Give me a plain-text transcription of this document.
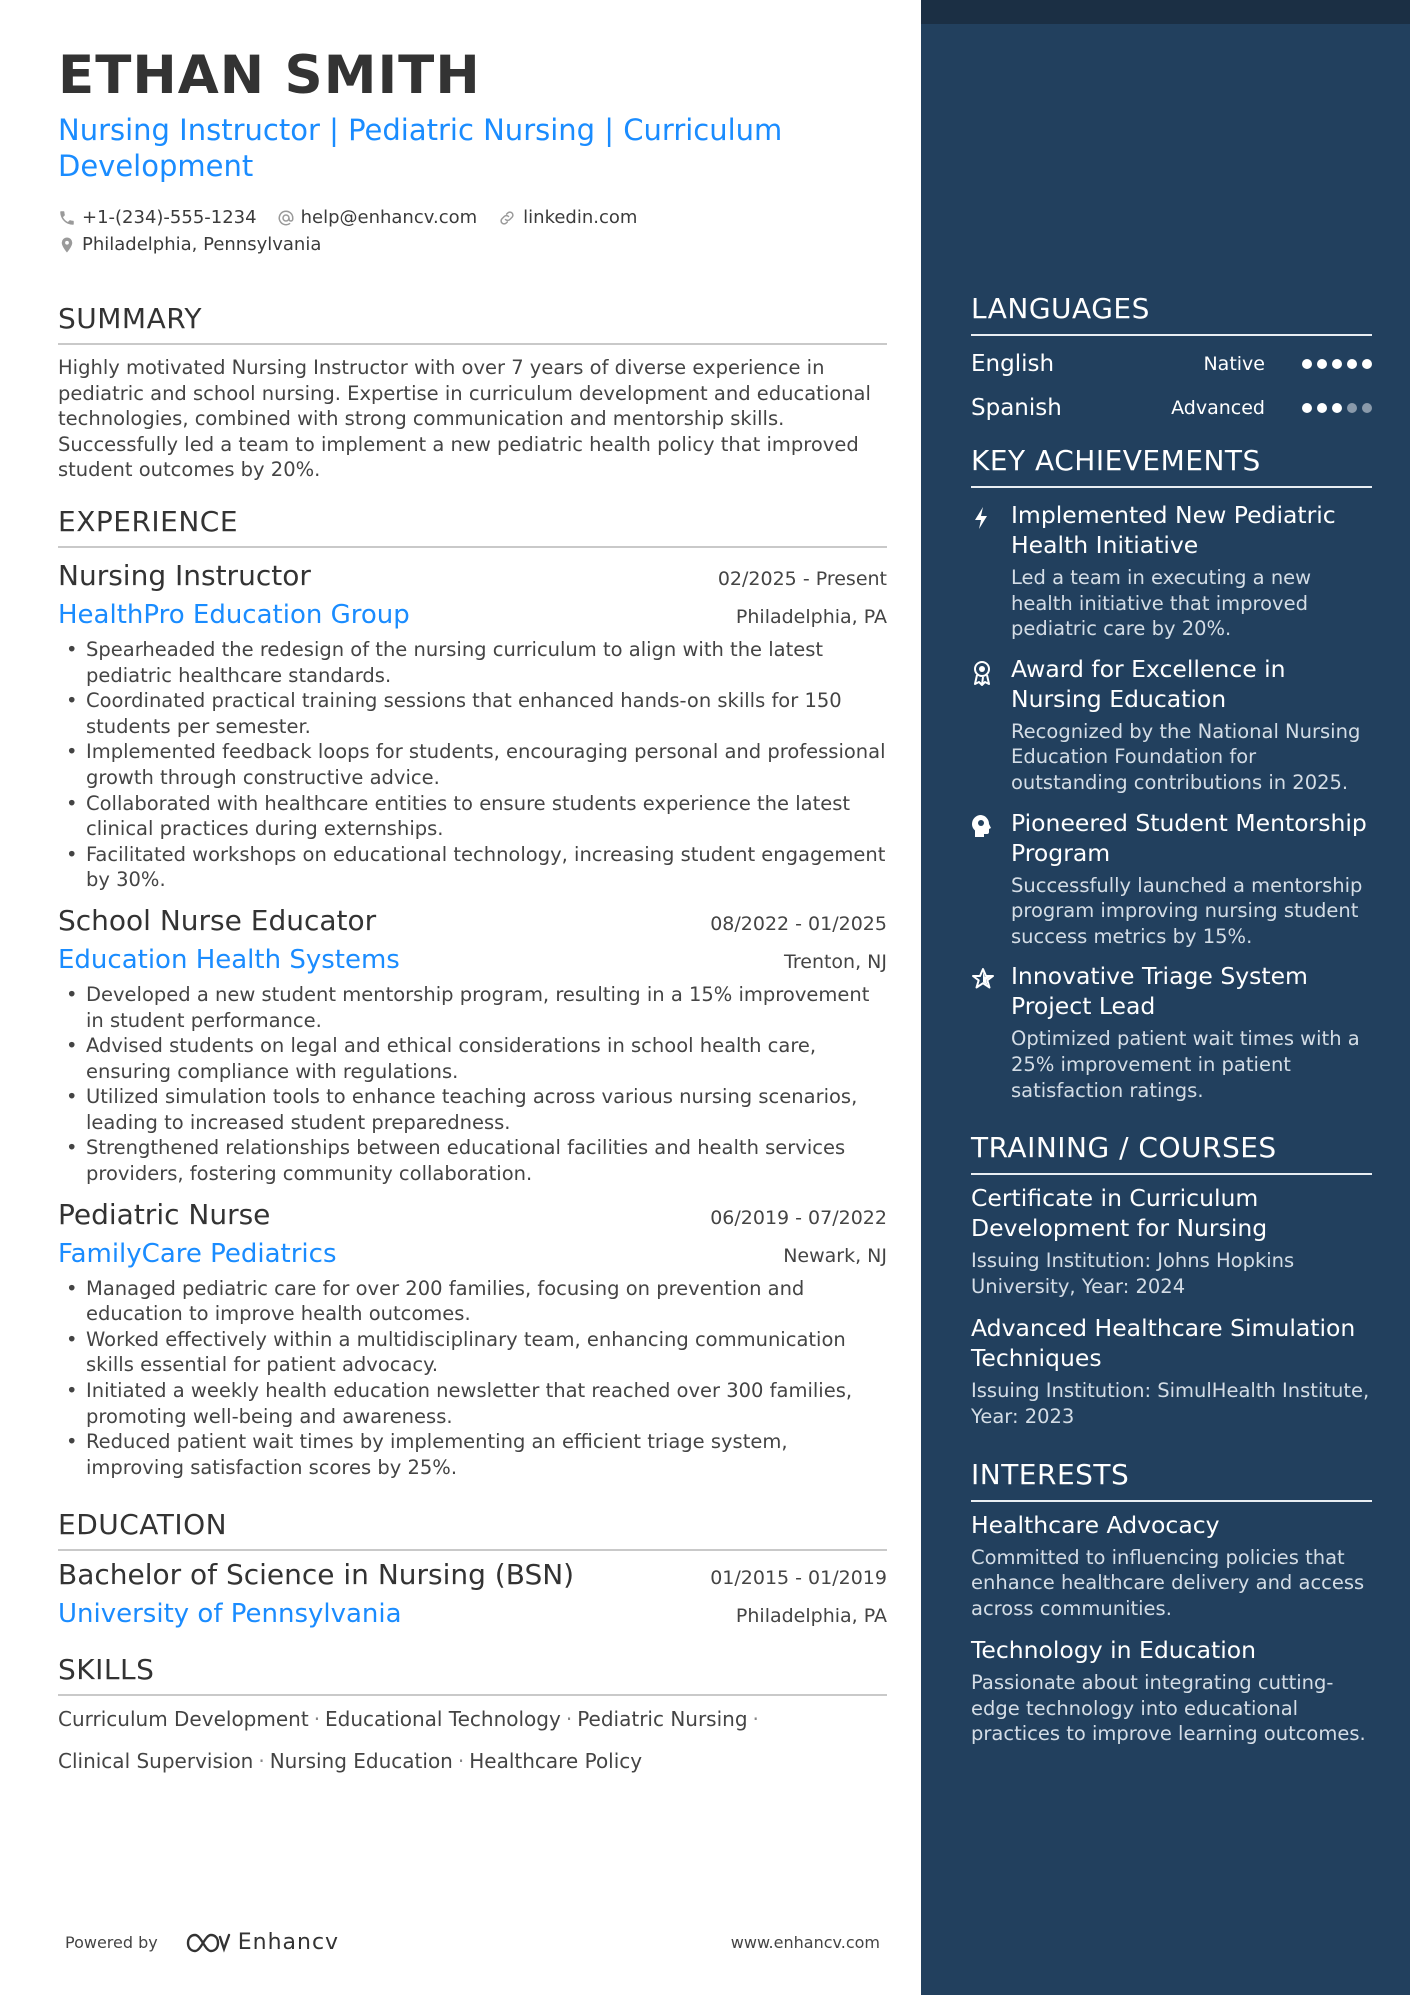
ETHAN SMITH
Nursing Instructor | Pediatric Nursing | Curriculum
Development
+1-(234)-555-1234 help@enhancv.com	linkedin.com
Philadelphia, Pennsylvania
SUMMARY
Highly motivated Nursing Instructor with over 7 years of diverse experience in pediatric and school nursing. Expertise in curriculum development and educational technologies, combined with strong communication and mentorship skills. Successfully led a team to implement a new pediatric health policy that improved student outcomes by 20%.
EXPERIENCE
Nursing Instructor	02/2025 - Present
HealthPro Education Group	Philadelphia, PA
• Spearheaded the redesign of the nursing curriculum to align with the latest pediatric healthcare standards.
• Coordinated practical training sessions that enhanced hands-on skills for 150 students per semester.
• Implemented feedback loops for students, encouraging personal and professional growth through constructive advice.
• Collaborated with healthcare entities to ensure students experience the latest clinical practices during externships.
• Facilitated workshops on educational technology, increasing student engagement by 30%.
School Nurse Educator	08/2022 - 01/2025
Education Health Systems	Trenton, NJ
• Developed a new student mentorship program, resulting in a 15% improvement in student performance.
• Advised students on legal and ethical considerations in school health care, ensuring compliance with regulations.
• Utilized simulation tools to enhance teaching across various nursing scenarios, leading to increased student preparedness.
• Strengthened relationships between educational facilities and health services providers, fostering community collaboration.
Pediatric Nurse	06/2019 - 07/2022
FamilyCare Pediatrics	Newark, NJ
• Managed pediatric care for over 200 families, focusing on prevention and education to improve health outcomes.
• Worked effectively within a multidisciplinary team, enhancing communication skills essential for patient advocacy.
• Initiated a weekly health education newsletter that reached over 300 families, promoting well-being and awareness.
• Reduced patient wait times by implementing an efficient triage system, improving satisfaction scores by 25%.
EDUCATION
Bachelor of Science in Nursing (BSN)	01/2015 - 01/2019
University of Pennsylvania	Philadelphia, PA
SKILLS
Curriculum Development · Educational Technology · Pediatric Nursing ·
Clinical Supervision · Nursing Education · Healthcare Policy
Powered by	Enhancv	www.enhancv.com
LANGUAGES
English	Native
Spanish	Advanced
KEY ACHIEVEMENTS
Implemented New Pediatric Health Initiative
Led a team in executing a new health initiative that improved pediatric care by 20%.
Award for Excellence in Nursing Education
Recognized by the National Nursing Education Foundation for outstanding contributions in 2025.
Pioneered Student Mentorship Program
Successfully launched a mentorship program improving nursing student success metrics by 15%.
Innovative Triage System Project Lead
Optimized patient wait times with a 25% improvement in patient satisfaction ratings.
TRAINING / COURSES
Certificate in Curriculum Development for Nursing
Issuing Institution: Johns Hopkins University, Year: 2024
Advanced Healthcare Simulation Techniques
Issuing Institution: SimulHealth Institute, Year: 2023
INTERESTS
Healthcare Advocacy
Committed to influencing policies that enhance healthcare delivery and access across communities.
Technology in Education
Passionate about integrating cutting-edge technology into educational practices to improve learning outcomes.
